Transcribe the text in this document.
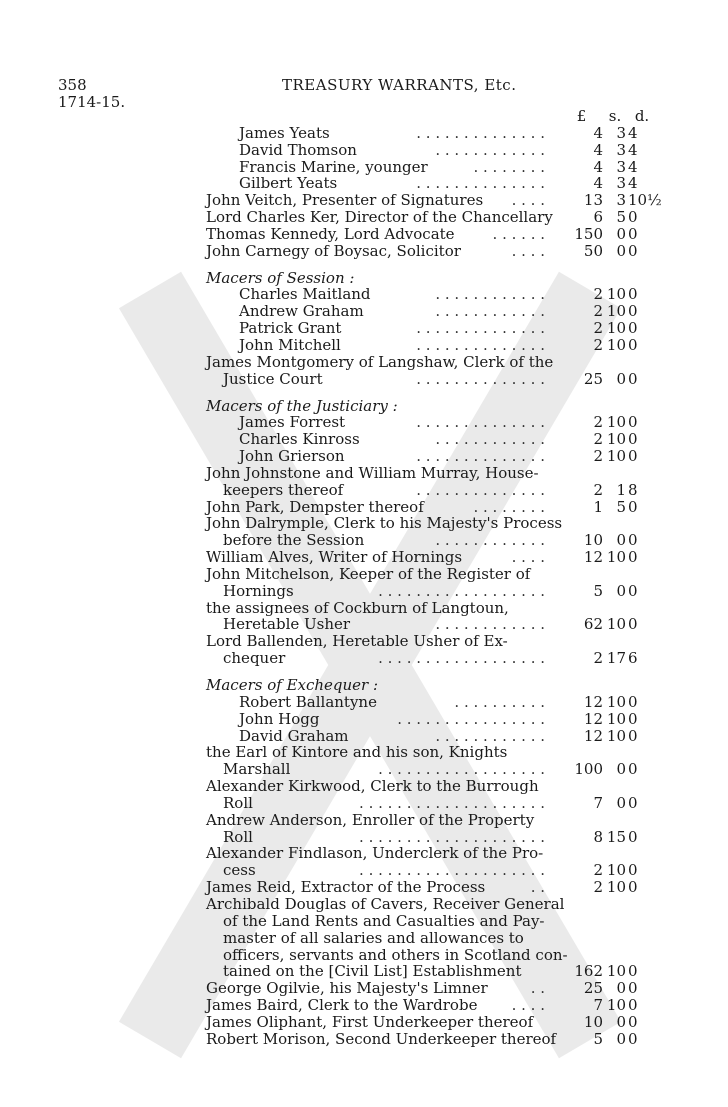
358	TREASURY WARRANTS, Etc.
1714-15.
£	s. d.
James Yeats	. . . . . . . . . . . . . .	4 3 4
David Thomson	. . . . . . . . . . . .	4 3 4
Francis Marine, younger	. . . . . . . .	4 3 4
Gilbert Yeats	. . . . . . . . . . . . . .	4 3 4
John Veitch, Presenter of Signatures	. . . .	13 3 10½
Lord Charles Ker, Director of the Chancellary	6 5 0
Thomas Kennedy, Lord Advocate	. . . . . .	150 0 0
John Carnegy of Boysac, Solicitor	. . . .	50 0 0
Macers of Session :
Charles Maitland	. . . . . . . . . . . .	2 10 0
Andrew Graham	. . . . . . . . . . . .	2 10 0
Patrick Grant	. . . . . . . . . . . . . .	2 10 0
John Mitchell	. . . . . . . . . . . . . .	2 10 0
James Montgomery of Langshaw, Clerk of the
Justice Court	. . . . . . . . . . . . . .	25 0 0
Macers of the Justiciary :
James Forrest	. . . . . . . . . . . . . .	2 10 0
Charles Kinross	. . . . . . . . . . . .	2 10 0
John Grierson	. . . . . . . . . . . . . .	2 10 0
John Johnstone and William Murray, House-
keepers thereof	. . . . . . . . . . . . . .	2 1 8
John Park, Dempster thereof	. . . . . . . .	1 5 0
John Dalrymple, Clerk to his Majesty's Process
before the Session	. . . . . . . . . . . .	10 0 0
William Alves, Writer of Hornings	. . . .	12 10 0
John Mitchelson, Keeper of the Register of
Hornings	. . . . . . . . . . . . . . . . . .	5 0 0
the assignees of Cockburn of Langtoun,
Heretable Usher	. . . . . . . . . . . .	62 10 0
Lord Ballenden, Heretable Usher of Ex-
chequer	. . . . . . . . . . . . . . . . . .	2 17 6
Macers of Exchequer :
Robert Ballantyne	. . . . . . . . . .	12 10 0
John Hogg	. . . . . . . . . . . . . . . .	12 10 0
David Graham	. . . . . . . . . . . .	12 10 0
the Earl of Kintore and his son, Knights
Marshall	. . . . . . . . . . . . . . . . . .	100 0 0
Alexander Kirkwood, Clerk to the Burrough
Roll	. . . . . . . . . . . . . . . . . . . .	7 0 0
Andrew Anderson, Enroller of the Property
Roll	. . . . . . . . . . . . . . . . . . . .	8 15 0
Alexander Findlason, Underclerk of the Pro-
cess	. . . . . . . . . . . . . . . . . . . .	2 10 0
James Reid, Extractor of the Process	. .	2 10 0
Archibald Douglas of Cavers, Receiver General
of the Land Rents and Casualties and Pay-
master of all salaries and allowances to
officers, servants and others in Scotland con-
tained on the [Civil List] Establishment	162 10 0
George Ogilvie, his Majesty's Limner	. .	25 0 0
James Baird, Clerk to the Wardrobe	. . . .	7 10 0
James Oliphant, First Underkeeper thereof	10 0 0
Robert Morison, Second Underkeeper thereof	5 0 0
